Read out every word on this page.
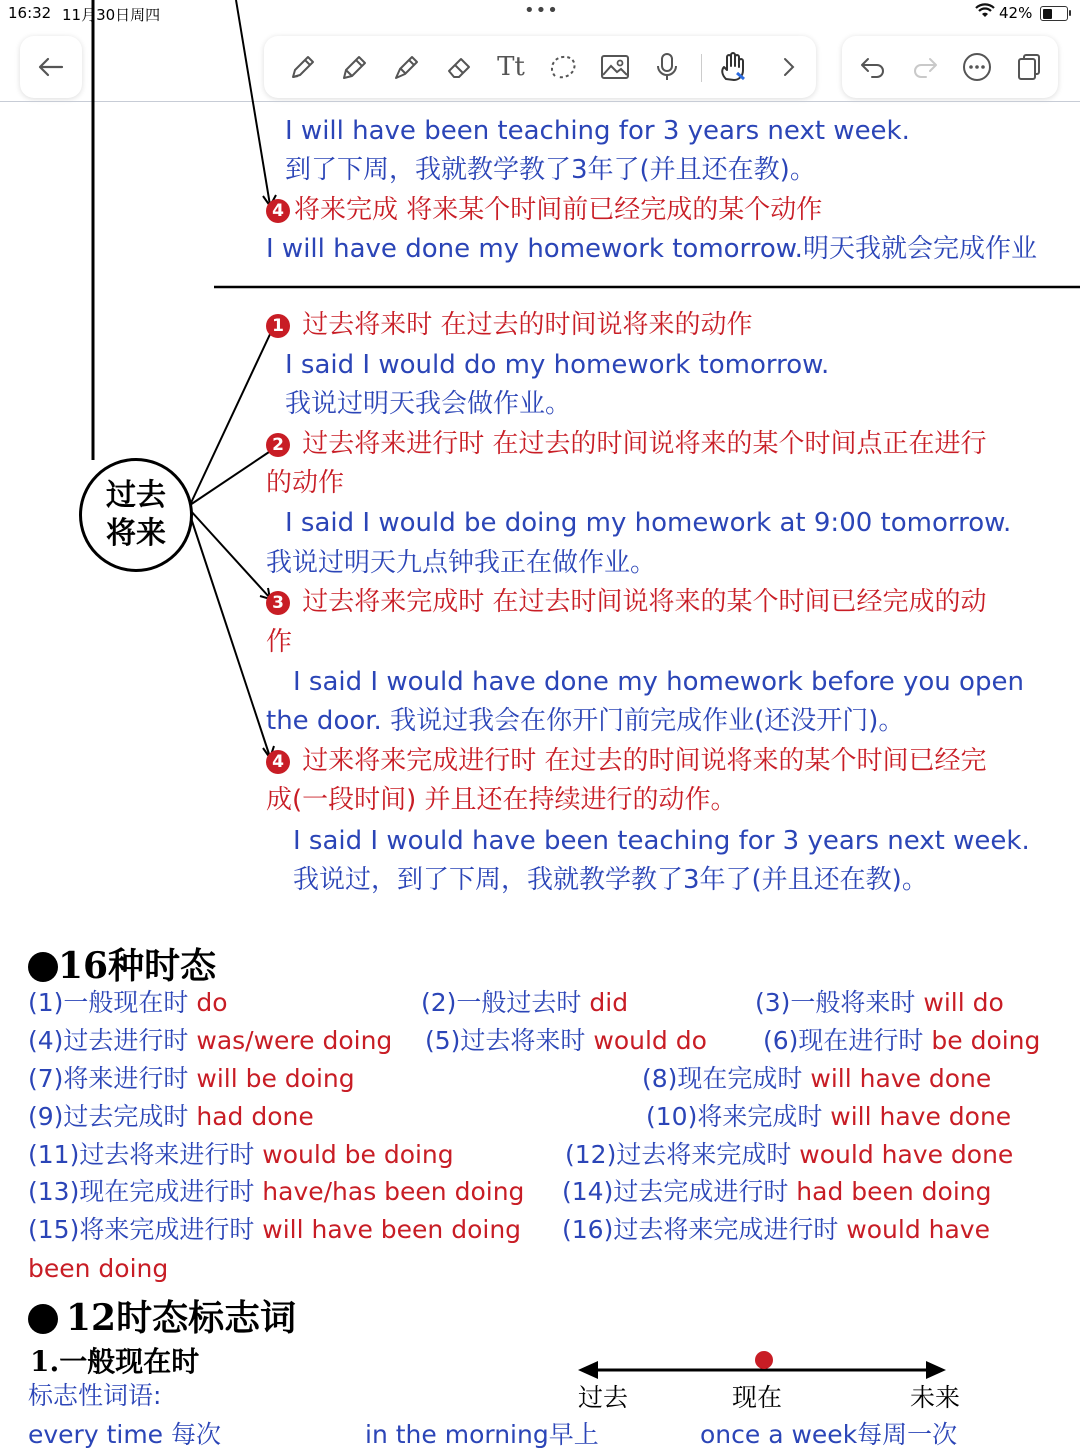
16:32 11月30日周四	•••	42%
Tt
I will have been teaching for 3 years next week.
到了下周，我就教学教了3年了(并且还在教)。
4 将来完成 将来某个时间前已经完成的某个动作
I will have done my homework tomorrow.明天我就会完成作业
过去
将来
1 过去将来时 在过去的时间说将来的动作
I said I would do my homework tomorrow.
我说过明天我会做作业。
2 过去将来进行时 在过去的时间说将来的某个时间点正在进行
的动作
I said I would be doing my homework at 9:00 tomorrow.
我说过明天九点钟我正在做作业。
3 过去将来完成时 在过去时间说将来的某个时间已经完成的动
作
I said I would have done my homework before you open
the door. 我说过我会在你开门前完成作业(还没开门)。
4 过来将来完成进行时 在过去的时间说将来的某个时间已经完
成(一段时间) 并且还在持续进行的动作。
I said I would have been teaching for 3 years next week.
我说过，到了下周，我就教学教了3年了(并且还在教)。
16种时态
(1)一般现在时 do	(2)一般过去时 did	(3)一般将来时 will do
(4)过去进行时 was/were doing (5)过去将来时 would do (6)现在进行时 be doing
(7)将来进行时 will be doing	(8)现在完成时 will have done
(9)过去完成时 had done	(10)将来完成时 will have done
(11)过去将来进行时 would be doing	(12)过去将来完成时 would have done
(13)现在完成进行时 have/has been doing (14)过去完成进行时 had been doing
(15)将来完成进行时 will have been doing (16)过去将来完成进行时 would have
been doing
12时态标志词
1.一般现在时
标志性词语:	过去	现在	未来
every time 每次	in the morning早上	once a week每周一次
